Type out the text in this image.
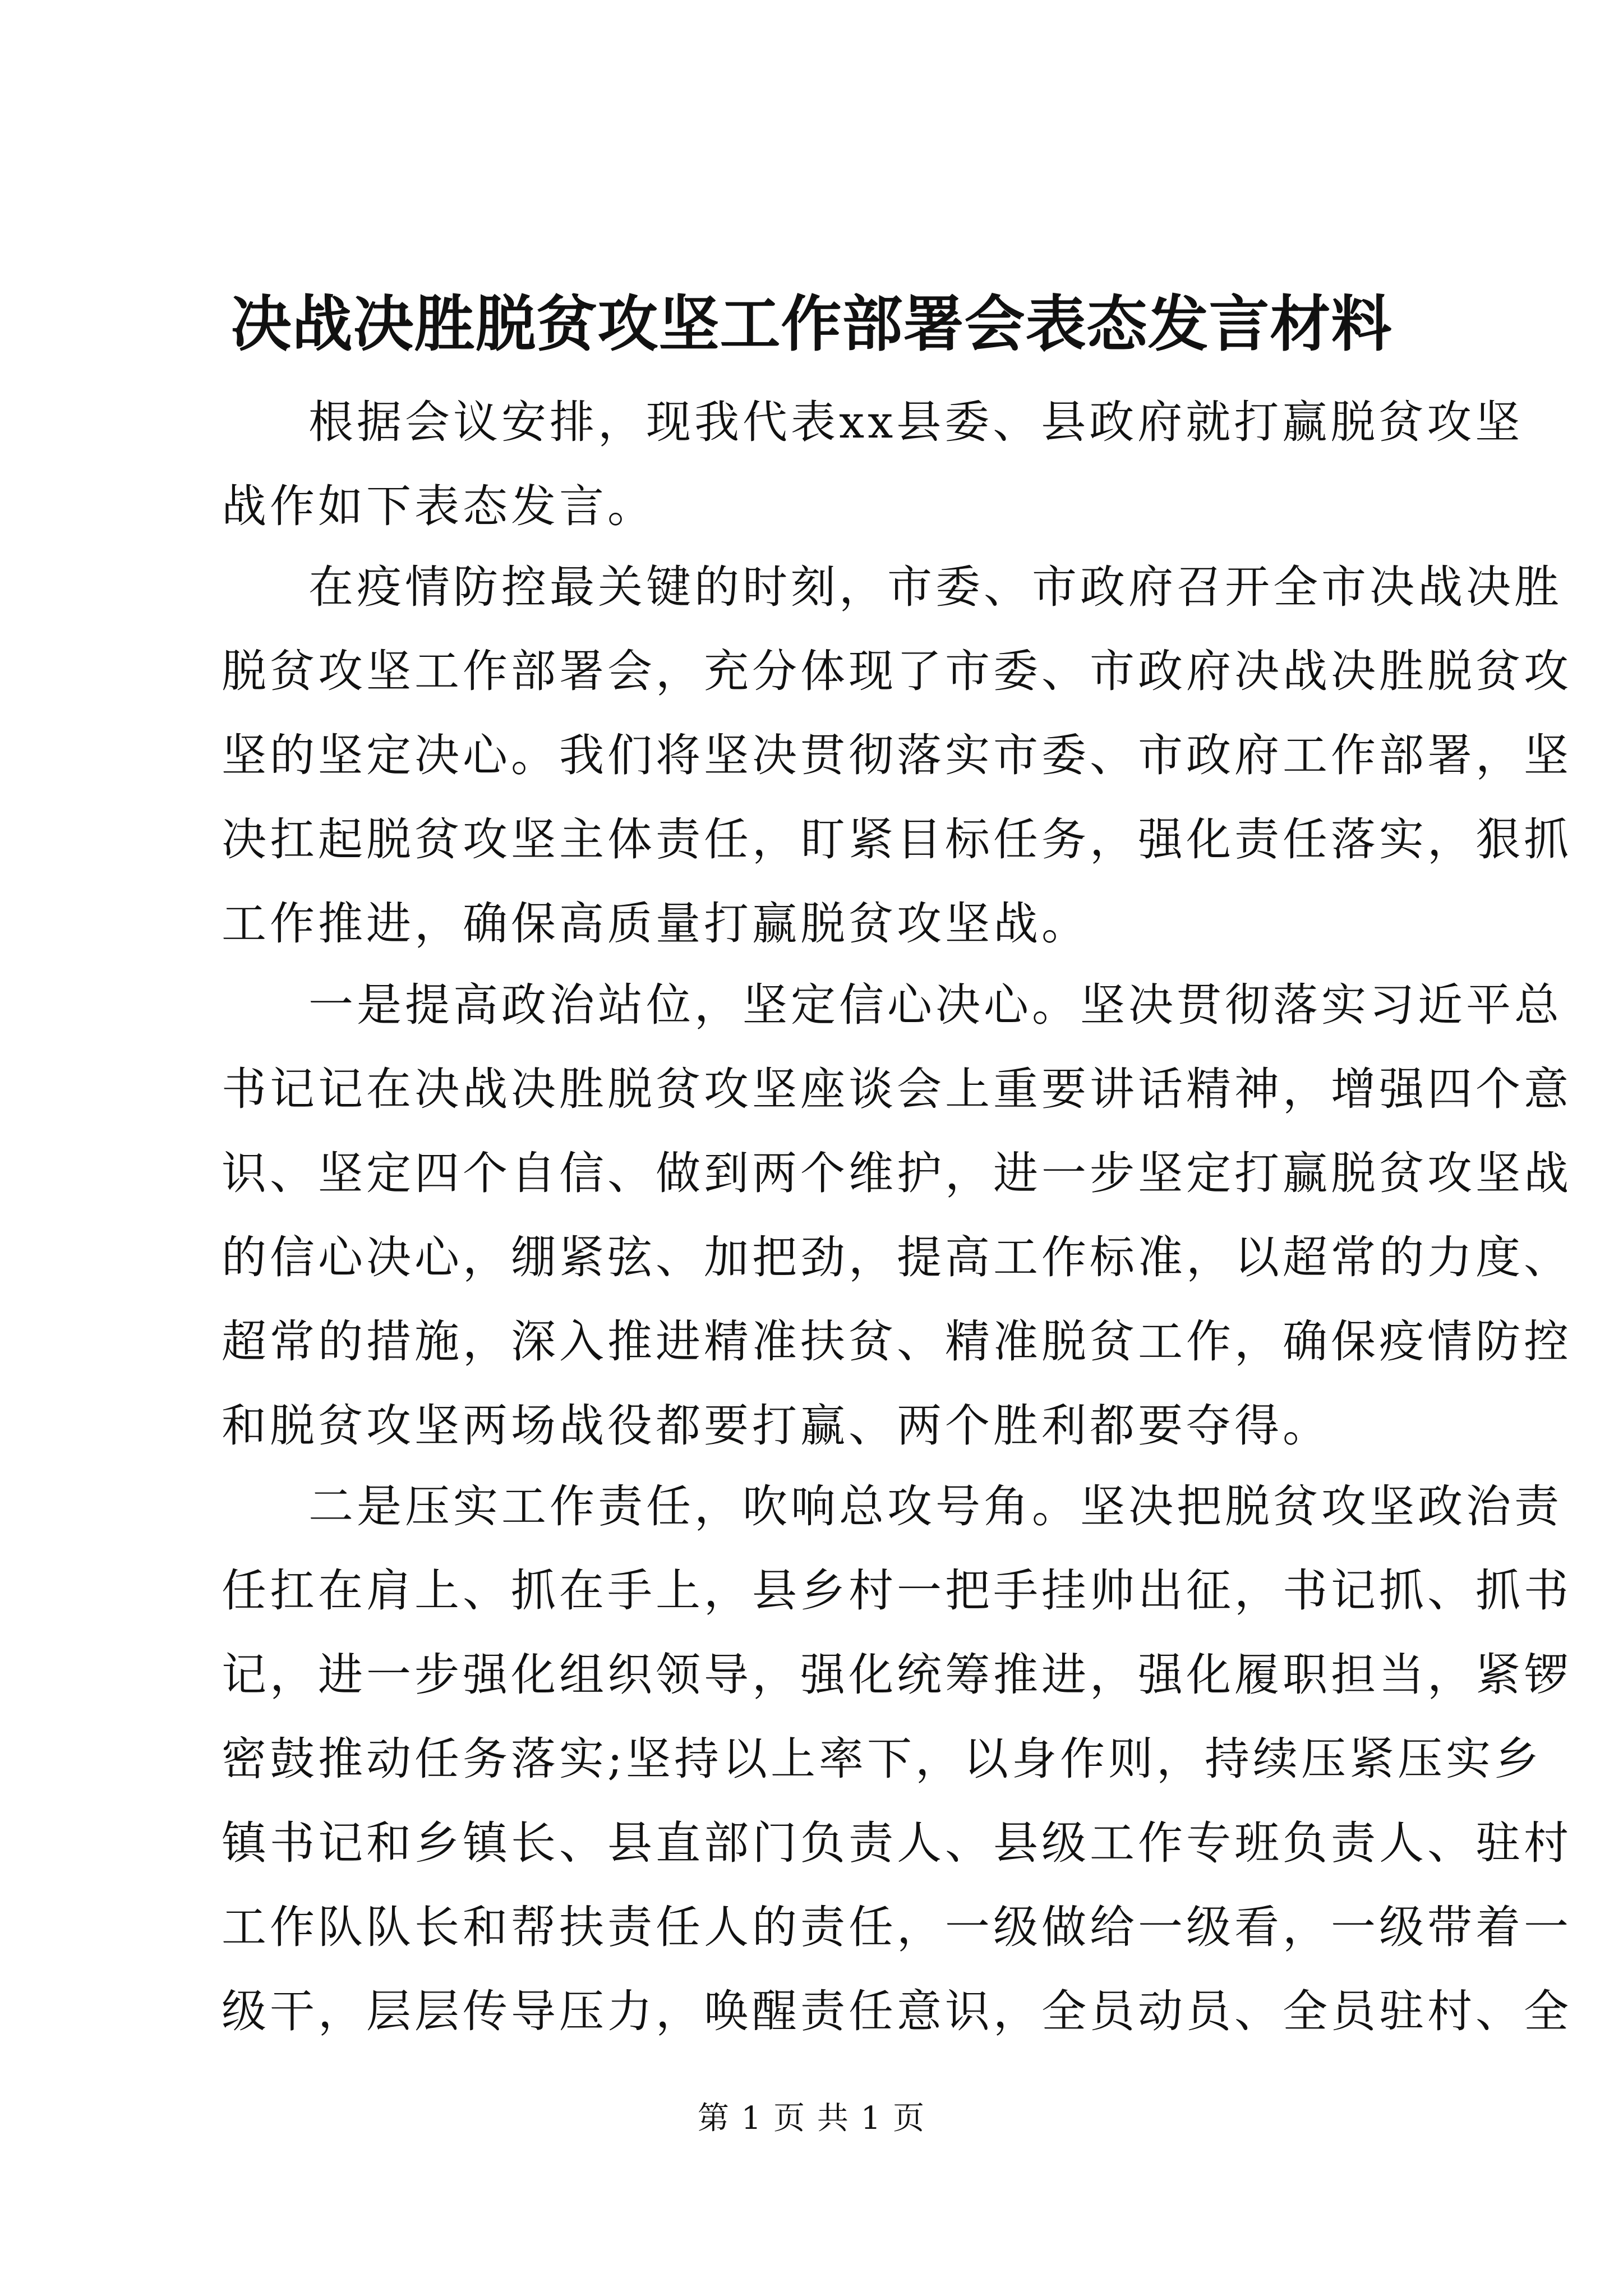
决战决胜脱贫攻坚工作部署会表态发言材料
根据会议安排，现我代表xx县委、县政府就打赢脱贫攻坚
战作如下表态发言。
在疫情防控最关键的时刻，市委、市政府召开全市决战决胜
脱贫攻坚工作部署会，充分体现了市委、市政府决战决胜脱贫攻
坚的坚定决心。我们将坚决贯彻落实市委、市政府工作部署，坚
决扛起脱贫攻坚主体责任，盯紧目标任务，强化责任落实，狠抓
工作推进，确保高质量打赢脱贫攻坚战。
一是提高政治站位，坚定信心决心。坚决贯彻落实习近平总
书记记在决战决胜脱贫攻坚座谈会上重要讲话精神，增强四个意
识、坚定四个自信、做到两个维护，进一步坚定打赢脱贫攻坚战
的信心决心，绷紧弦、加把劲，提高工作标准，以超常的力度、
超常的措施，深入推进精准扶贫、精准脱贫工作，确保疫情防控
和脱贫攻坚两场战役都要打赢、两个胜利都要夺得。
二是压实工作责任，吹响总攻号角。坚决把脱贫攻坚政治责
任扛在肩上、抓在手上，县乡村一把手挂帅出征，书记抓、抓书
记，进一步强化组织领导，强化统筹推进，强化履职担当，紧锣
密鼓推动任务落实;坚持以上率下，以身作则，持续压紧压实乡
镇书记和乡镇长、县直部门负责人、县级工作专班负责人、驻村
工作队队长和帮扶责任人的责任，一级做给一级看，一级带着一
级干，层层传导压力，唤醒责任意识，全员动员、全员驻村、全
第 1 页 共 1 页
